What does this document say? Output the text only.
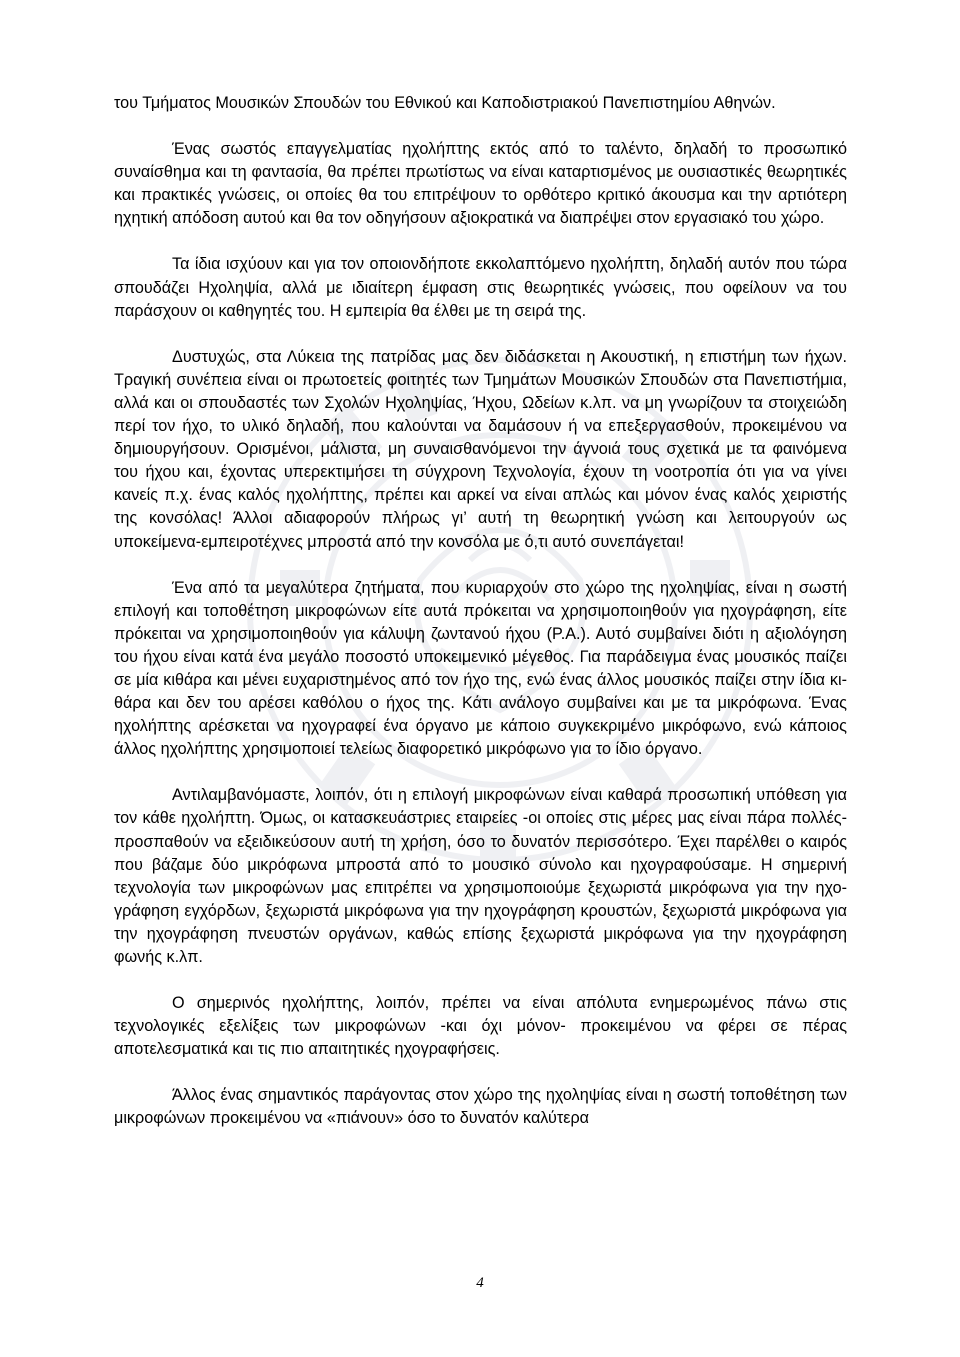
του Τμήματος Μουσικών Σπουδών του Εθνικού και Καποδιστριακού Πανεπιστημίου Αθηνών.

Ένας σωστός επαγγελματίας ηχολήπτης εκτός από το ταλέντο, δηλαδή το προσωπικό συναίσθημα και τη φαντασία, θα πρέπει πρωτίστως να είναι καταρτισμένος με ουσιαστικές θεωρητικές και πρακτικές γνώσεις, οι οποίες θα του επιτρέψουν το ορθότερο κριτικό άκουσμα και την αρτιότερη ηχητική απόδοση αυτού και θα τον οδηγήσουν αξιοκρατικά να διαπρέψει στον εργασιακό του χώρο.

Τα ίδια ισχύουν και για τον οποιονδήποτε εκκολαπτόμενο ηχολήπτη, δηλαδή αυτόν που τώρα σπουδάζει Ηχοληψία, αλλά με ιδιαίτερη έμφαση στις θεωρητικές γνώσεις, που οφείλουν να του παράσχουν οι καθηγητές του. Η εμπειρία θα έλθει με τη σειρά της.

Δυστυχώς, στα Λύκεια της πατρίδας μας δεν διδάσκεται η Ακουστική, η επιστήμη των ήχων. Τραγική συνέπεια είναι οι πρωτοετείς φοιτητές των Τμημάτων Μουσικών Σπουδών στα Πανεπιστήμια, αλλά και οι σπουδαστές των Σχολών Ηχοληψίας, Ήχου, Ωδείων κ.λπ. να μη γνωρίζουν τα στοιχειώδη περί τον ήχο, το υλικό δηλαδή, που καλούνται να δαμάσουν ή να επεξεργασθούν, προκειμένου να δημιουργήσουν. Ορισμένοι, μάλιστα, μη συναισθανόμενοι την άγνοιά τους σχετικά με τα φαινόμενα του ήχου και, έχοντας υπερεκτιμήσει τη σύγχρονη Τεχνολογία, έχουν τη νοοτροπία ότι για να γίνει κανείς π.χ. ένας καλός ηχολήπτης, πρέπει και αρκεί να είναι απλώς και μόνον ένας καλός χειριστής της κονσόλας! Άλλοι αδιαφορούν πλήρως γι’ αυτή τη θεωρητική γνώση και λειτουργούν ως υποκείμενα-εμπειροτέχνες μπροστά από την κονσόλα με ό,τι αυτό συνεπάγεται!

Ένα από τα μεγαλύτερα ζητήματα, που κυριαρχούν στο χώρο της ηχοληψίας, είναι η σωστή επιλογή και τοποθέτηση μικροφώνων είτε αυτά πρόκειται να χρησιμοποιηθούν για ηχογράφηση, είτε πρόκειται να χρησιμοποιηθούν για κάλυψη ζωντανού ήχου (P.A.). Αυτό συμβαίνει διότι η αξιολόγηση του ήχου είναι κατά ένα μεγάλο ποσοστό υποκειμενικό μέγεθος. Για παράδειγμα ένας μουσικός παίζει σε μία κιθάρα και μένει ευχαριστημένος από τον ήχο της, ενώ ένας άλλος μουσικός παίζει στην ίδια κιθάρα και δεν του αρέσει καθόλου ο ήχος της. Κάτι ανάλογο συμβαίνει και με τα μικρόφωνα. Ένας ηχολήπτης αρέσκεται να ηχογραφεί ένα όργανο με κάποιο συγκεκριμένο μικρόφωνο, ενώ κάποιος άλλος ηχολήπτης χρησιμοποιεί τελείως διαφορετικό μικρόφωνο για το ίδιο όργανο.

Αντιλαμβανόμαστε, λοιπόν, ότι η επιλογή μικροφώνων είναι καθαρά προσωπική υπόθεση για τον κάθε ηχολήπτη. Όμως, οι κατασκευάστριες εταιρείες -οι οποίες στις μέρες μας είναι πάρα πολλές- προσπαθούν να εξειδικεύσουν αυτή τη χρήση, όσο το δυνατόν περισσότερο. Έχει παρέλθει ο καιρός που βάζαμε δύο μικρόφωνα μπροστά από το μουσικό σύνολο και ηχογραφούσαμε. Η σημερινή τεχνολογία των μικροφώνων μας επιτρέπει να χρησιμοποιούμε ξεχωριστά μικρόφωνα για την ηχογράφηση εγχόρδων, ξεχωριστά μικρόφωνα για την ηχογράφηση κρουστών, ξεχωριστά μικρόφωνα για την ηχογράφηση πνευστών οργάνων, καθώς επίσης ξεχωριστά μικρόφωνα για την ηχογράφηση φωνής κ.λπ.

Ο σημερινός ηχολήπτης, λοιπόν, πρέπει να είναι απόλυτα ενημερωμένος πάνω στις τεχνολογικές εξελίξεις των μικροφώνων -και όχι μόνον- προκειμένου να φέρει σε πέρας αποτελεσματικά και τις πιο απαιτητικές ηχογραφήσεις.

Άλλος ένας σημαντικός παράγοντας στον χώρο της ηχοληψίας είναι η σωστή τοποθέτηση των μικροφώνων προκειμένου να «πιάνουν» όσο το δυνατόν καλύτερα

4
